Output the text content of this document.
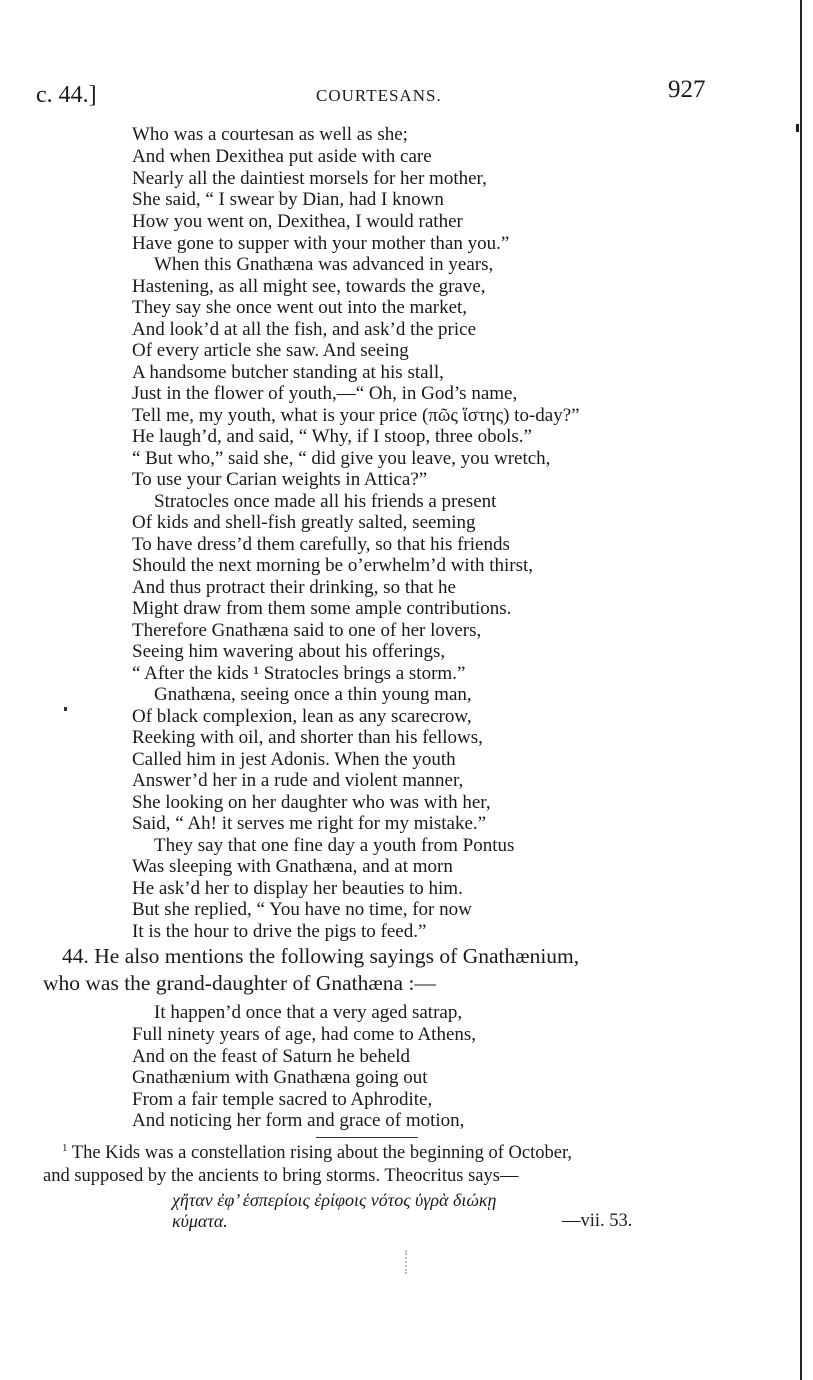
c. 44.]	COURTESANS.	927
Who was a courtesan as well as she;
And when Dexithea put aside with care
Nearly all the daintiest morsels for her mother,
She said, “ I swear by Dian, had I known
How you went on, Dexithea, I would rather
Have gone to supper with your mother than you.”
When this Gnathæna was advanced in years,
Hastening, as all might see, towards the grave,
They say she once went out into the market,
And look’d at all the fish, and ask’d the price
Of every article she saw. And seeing
A handsome butcher standing at his stall,
Just in the flower of youth,—“ Oh, in God’s name,
Tell me, my youth, what is your price (πῶς ἵστης) to-day?”
He laugh’d, and said, “ Why, if I stoop, three obols.”
“ But who,” said she, “ did give you leave, you wretch,
To use your Carian weights in Attica?”
Stratocles once made all his friends a present
Of kids and shell-fish greatly salted, seeming
To have dress’d them carefully, so that his friends
Should the next morning be o’erwhelm’d with thirst,
And thus protract their drinking, so that he
Might draw from them some ample contributions.
Therefore Gnathæna said to one of her lovers,
Seeing him wavering about his offerings,
“ After the kids ¹ Stratocles brings a storm.”
Gnathæna, seeing once a thin young man,
Of black complexion, lean as any scarecrow,
Reeking with oil, and shorter than his fellows,
Called him in jest Adonis. When the youth
Answer’d her in a rude and violent manner,
She looking on her daughter who was with her,
Said, “ Ah! it serves me right for my mistake.”
They say that one fine day a youth from Pontus
Was sleeping with Gnathæna, and at morn
He ask’d her to display her beauties to him.
But she replied, “ You have no time, for now
It is the hour to drive the pigs to feed.”
44. He also mentions the following sayings of Gnathænium,
who was the grand-daughter of Gnathæna :—
It happen’d once that a very aged satrap,
Full ninety years of age, had come to Athens,
And on the feast of Saturn he beheld
Gnathænium with Gnathæna going out
From a fair temple sacred to Aphrodite,
And noticing her form and grace of motion,
$^1$ The Kids was a constellation rising about the beginning of October,
and supposed by the ancients to bring storms. Theocritus says—
χἤταν ἐφ’ ἑσπερίοις ἐρίφοις νότος ὑγρὰ διώκῃ
κύματα.	—vii. 53.
